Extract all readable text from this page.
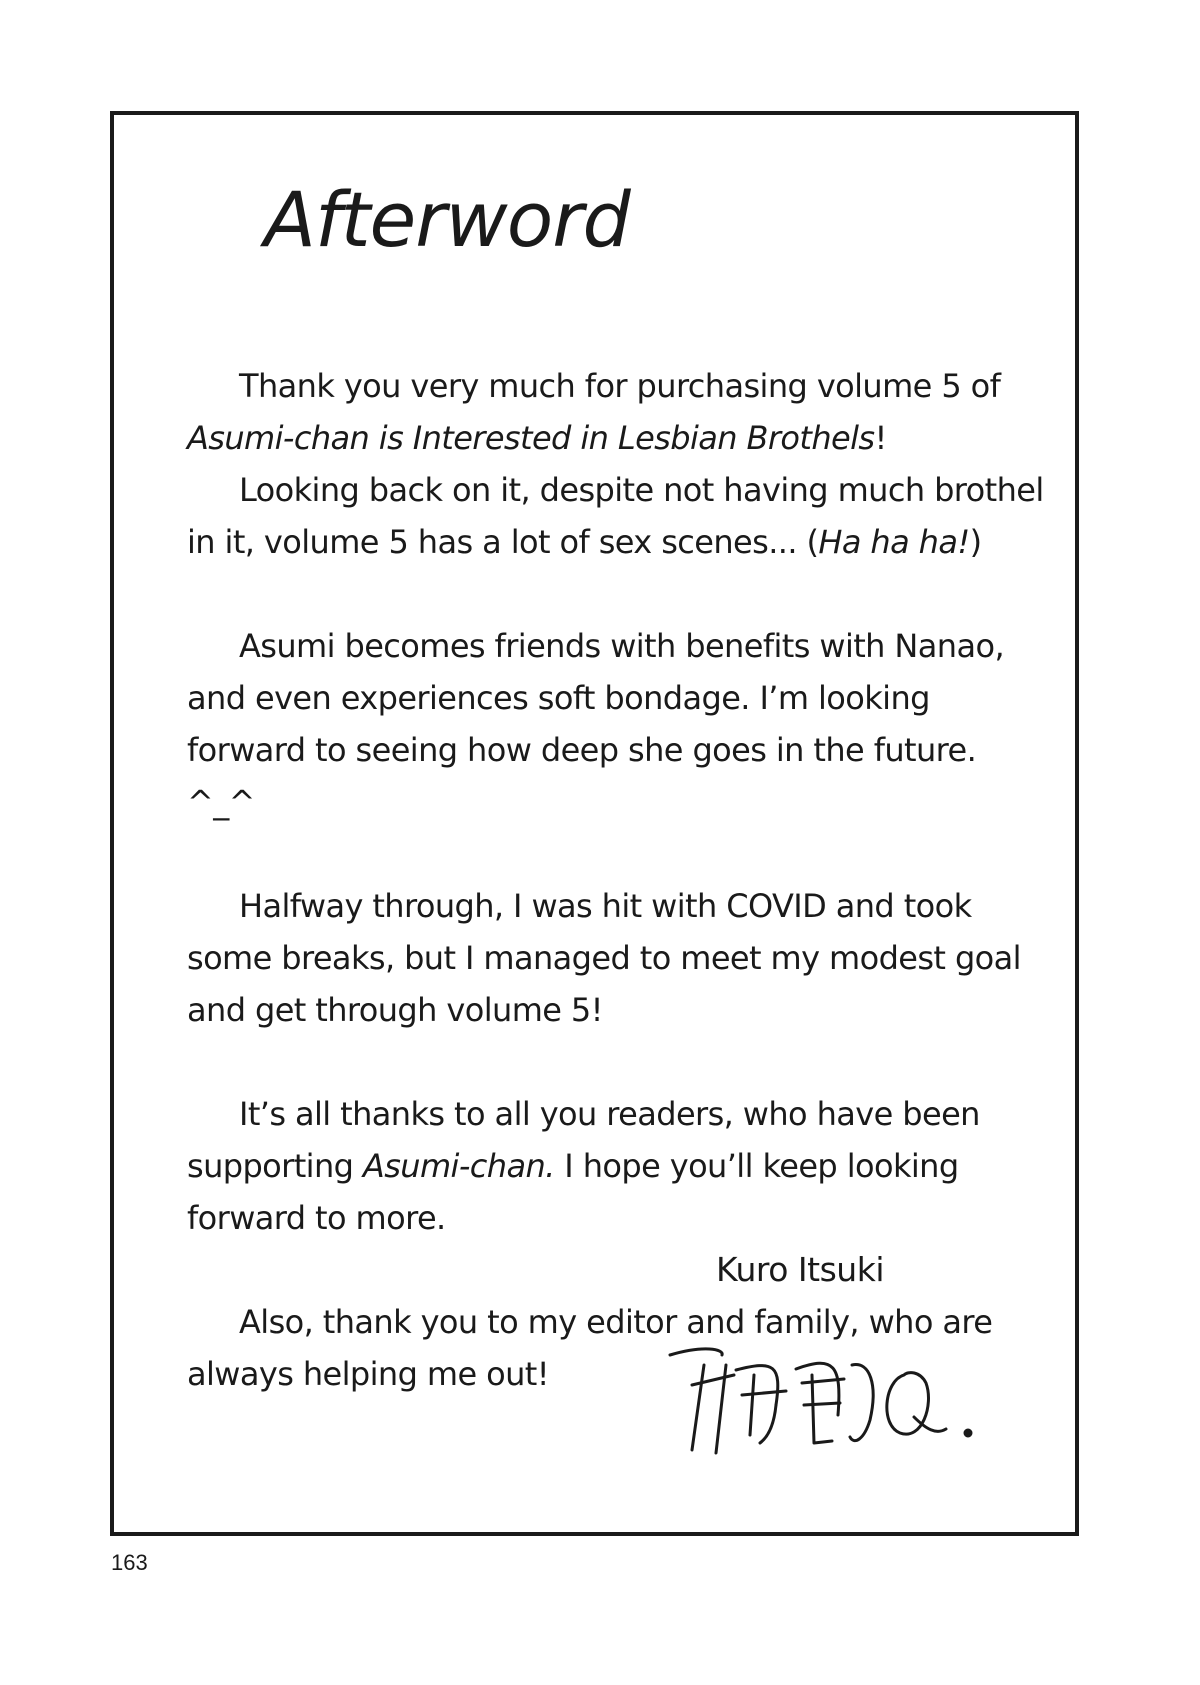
Afterword
Thank you very much for purchasing volume 5 of
Asumi-chan is Interested in Lesbian Brothels!
Looking back on it, despite not having much brothel
in it, volume 5 has a lot of sex scenes... (Ha ha ha!)
Asumi becomes friends with benefits with Nanao,
and even experiences soft bondage. I’m looking
forward to seeing how deep she goes in the future. ^_^
Halfway through, I was hit with COVID and took
some breaks, but I managed to meet my modest goal
and get through volume 5!
It’s all thanks to all you readers, who have been
supporting Asumi-chan. I hope you’ll keep looking
forward to more.
Also, thank you to my editor and family, who are
always helping me out!
Kuro Itsuki
163
